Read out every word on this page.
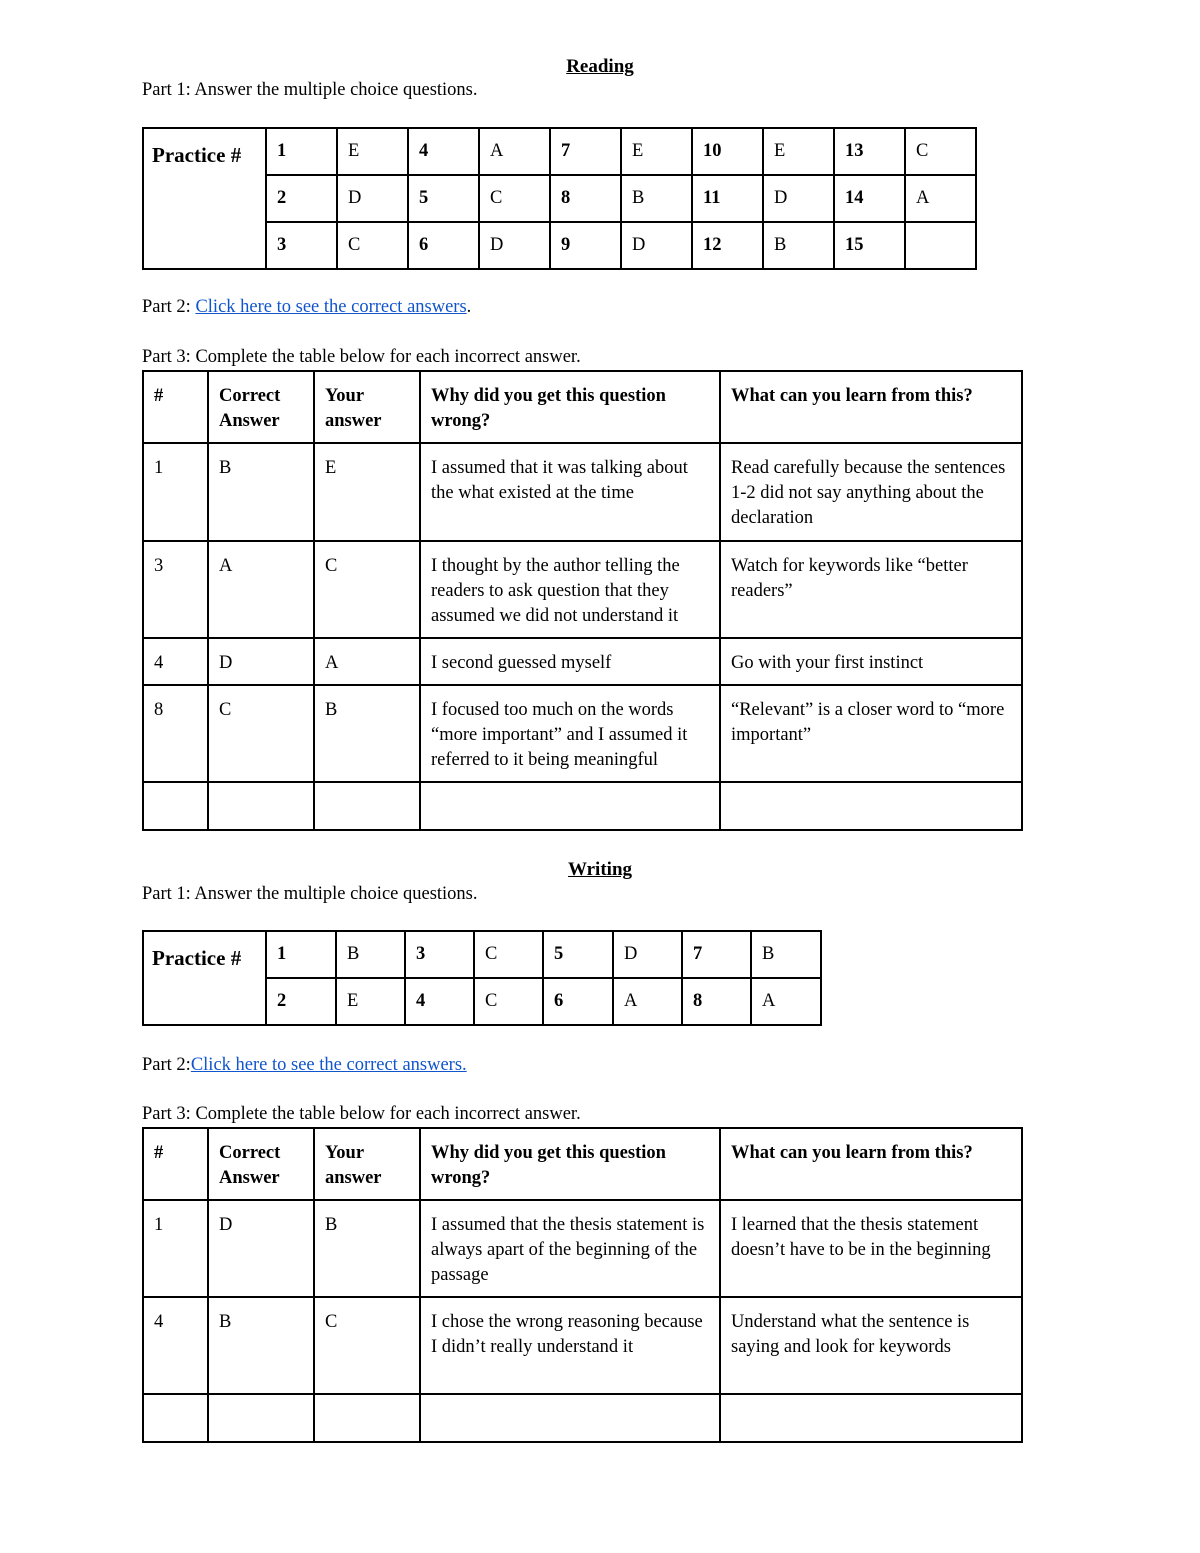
Reading
Part 1: Answer the multiple choice questions.
Practice #	1	E	4	A	7	E	10	E	13	C
	2	D	5	C	8	B	11	D	14	A
	3	C	6	D	9	D	12	B	15	
Part 2: Click here to see the correct answers.
Part 3: Complete the table below for each incorrect answer.
#	Correct Answer	Your answer	Why did you get this question wrong?	What can you learn from this?
1	B	E	I assumed that it was talking about the what existed at the time	Read carefully because the sentences 1-2 did not say anything about the declaration
3	A	C	I thought by the author telling the readers to ask question that they assumed we did not understand it	Watch for keywords like “better readers”
4	D	A	I second guessed myself	Go with your first instinct
8	C	B	I focused too much on the words “more important” and I assumed it referred to it being meaningful	“Relevant” is a closer word to “more important”

Writing
Part 1: Answer the multiple choice questions.
Practice #	1	B	3	C	5	D	7	B
	2	E	4	C	6	A	8	A
Part 2:Click here to see the correct answers.
Part 3: Complete the table below for each incorrect answer.
#	Correct Answer	Your answer	Why did you get this question wrong?	What can you learn from this?
1	D	B	I assumed that the thesis statement is always apart of the beginning of the passage	I learned that the thesis statement doesn’t have to be in the beginning
4	B	C	I chose the wrong reasoning because I didn’t really understand it	Understand what the sentence is saying and look for keywords
